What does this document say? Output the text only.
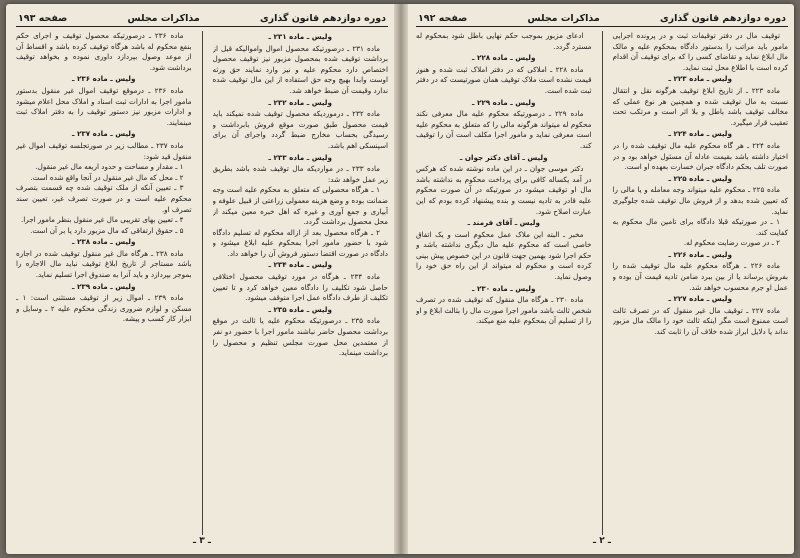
دوره دوازدهم قانون گذاری
مذاکرات مجلس
صفحه ۱۹۳

ولیس ـ ماده ۲۳۱ ـ

ماده ۲۳۱ ـ درصورتیکه محصول اموال واموالیکه قبل از برداشت توقیف شده بمحصول مزبور نیز توقیف محصول اختصاص دارد محکوم علیه و نیز وارد نمایند حق ورثه اوست وابدا بهیچ وجه حق استفاده از این مال توقیف شده ندارد وقیمت آن ضبط خواهد شد.

ولیس ـ ماده ۲۳۲ ـ

ماده ۲۳۲ ـ درموردیکه محصول توقیف شده نمیکند باید قیمت محصول طبق صورت موقع فروش بابرداشت و رسیدگی بحساب مخارج ضبط گردد واجرای آن برای اسپنسکی اهم باشد.

ولیس ـ ماده ۲۳۳ ـ

ماده ۲۳۳ ـ در مواردیکه مال توقیف شده باشد بطریق زیر عمل خواهد شد:

۱ ـ هرگاه محصولی که متعلق به محکوم علیه است وجه ضمانت بوده و وضع هزینه معمولی زراعتی از قبیل علوفه و آبیاری و جمع آوری و غیره که اهل خبره معین میکند از محل محصول برداشت گردد.

۲ ـ هرگاه محصول بعد از ازاله محکوم له تسلیم دادگاه شود با حضور مامور اجرا بمحکوم علیه ابلاغ میشود و دادگاه در صورت اقتضا دستور فروش آن را خواهد داد.

ولیس ـ ماده ۲۳۴ ـ

ماده ۲۳۴ ـ هرگاه در مورد توقیف محصول اختلافی حاصل شود تکلیف را دادگاه معین خواهد کرد و تا تعیین تکلیف از طرف دادگاه عمل اجرا متوقف میشود.

ولیس ـ ماده ۲۳۵ ـ

ماده ۲۳۵ ـ درصورتیکه محکوم علیه یا ثالث در موقع برداشت محصول حاضر نباشند مامور اجرا با حضور دو نفر از معتمدین محل صورت مجلس تنظیم و محصول را برداشت مینماید.

ماده ۲۳۶ ـ درصورتیکه محصول توقیف و اجرای حکم بنفع محکوم له باشد هرگاه توقیف کرده باشد و اقساط آن از موعد وصول بپردازد داوری نموده و بخواهد توقیف برداشت شود.

ولیس ـ ماده ۲۳۶ ـ

ماده ۲۳۶ ـ درموقع توقیف اموال غیر منقول بدستور مامور اجرا به ادارات ثبت اسناد و املاک محل اعلام میشود و ادارات مزبور نیز دستور توقیف را به دفتر املاک ثبت مینمایند.

ولیس ـ ماده ۲۳۷ ـ

ماده ۲۳۷ ـ مطالب زیر در صورتجلسه توقیف اموال غیر منقول قید شود:

۱ ـ مقدار و مساحت و حدود اربعه مال غیر منقول.

۲ ـ محل که مال غیر منقول در آنجا واقع شده است.

۳ ـ تعیین آنکه از ملک توقیف شده چه قسمت بتصرف محکوم علیه است و در صورت تصرف غیر، تعیین سند تصرف او.

۴ ـ تعیین بهای تقریبی مال غیر منقول بنظر مامور اجرا.

۵ ـ حقوق ارتفاقی که مال مزبور دارد یا بر آن است.

ولیس ـ ماده ۲۳۸ ـ

ماده ۲۳۸ ـ هرگاه مال غیر منقول توقیف شده در اجاره باشد مستاجر از تاریخ ابلاغ توقیف نباید مال الاجاره را بموجر بپردازد و باید آنرا به صندوق اجرا تسلیم نماید.

ولیس ـ ماده ۲۳۹ ـ

ماده ۲۳۹ ـ اموال زیر از توقیف مستثنی است: ۱ ـ مسکن و لوازم ضروری زندگی محکوم علیه ۲ ـ وسایل و ابزار کار کسب و پیشه.

ـ ۳ ـ
دوره دوازدهم قانون گذاری
مذاکرات مجلس
صفحه ۱۹۲

توقیف مال در دفتر توقیفات ثبت و در پرونده اجرایی مامور باید مراتب را بدستور دادگاه بمحکوم علیه و مالک مال ابلاغ نماید و تقاضای کسی را که برای توقیف آن اقدام کرده است با اطلاع محل ثبت نماید.

ولیس ـ ماده ۲۲۳ ـ

ماده ۲۲۳ ـ از تاریخ ابلاغ توقیف هرگونه نقل و انتقال نسبت به مال توقیف شده و همچنین هر نوع عملی که مخالف توقیف باشد باطل و بلا اثر است و مرتکب تحت تعقیب قرار میگیرد.

ولیس ـ ماده ۲۲۴ ـ

ماده ۲۲۴ ـ هر گاه محکوم علیه مال توقیف شده را در اختیار داشته باشد بقیمت عادله آن مسئول خواهد بود و در صورت تلف بحکم دادگاه جبران خسارت بعهده او است.

ولیس ـ ماده ۲۲۵ ـ

ماده ۲۲۵ ـ محکوم علیه میتواند وجه معامله و یا مالی را که تعیین شده بدهد و از فروش مال توقیف شده جلوگیری نماید.

۱ ـ در صورتیکه قبلا دادگاه برای تامین مال محکوم به کفایت کند.

۲ ـ در صورت رضایت محکوم له.

ولیس ـ ماده ۲۲۶ ـ

ماده ۲۲۶ ـ هرگاه محکوم علیه مال توقیف شده را بفروش برساند یا از بین ببرد ضامن تادیه قیمت آن بوده و عمل او جرم محسوب خواهد شد.

ولیس ـ ماده ۲۲۷ ـ

ماده ۲۲۷ ـ توقیف مال غیر منقول که در تصرف ثالث است ممنوع است مگر اینکه ثالث خود را مالک مال مزبور نداند یا دلایل ابراز شده خلاف آن را ثابت کند.

ادعای مزبور بموجب حکم نهایی باطل شود بمحکوم له مسترد گردد.

ولیس ـ ماده ۲۲۸ ـ

ماده ۲۲۸ ـ املاکی که در دفتر املاک ثبت شده و هنوز قیمت نشده است ملاک توقیف همان صورتیست که در دفتر ثبت شده است.

ولیس ـ ماده ۲۲۹ ـ

ماده ۲۲۹ ـ درصورتیکه محکوم علیه مال معرفی نکند محکوم له میتواند هرگونه مالی را که متعلق به محکوم علیه است معرفی نماید و مامور اجرا مکلف است آن را توقیف کند.

ولیس ـ آقای دکتر جوان ـ

دکتر موسی جوان ـ در این ماده نوشته شده که هرکس در آمد یکساله کافی برای پرداخت محکوم به نداشته باشد مال او توقیف میشود در صورتیکه در آن صورت محکوم علیه قادر به تادیه نیست و بنده پیشنهاد کرده بودم که این عبارت اصلاح شود.

ولیس ـ آقای فرمند ـ

مخبر ـ البته این ملاک عمل محکوم است و یک اتفاق خاصی است که محکوم علیه مال دیگری نداشته باشد و حکم اجرا شود بهمین جهت قانون در این خصوص پیش بینی کرده است و محکوم له میتواند از این راه حق خود را وصول نماید.

ولیس ـ ماده ۲۳۰ ـ

ماده ۲۳۰ ـ هرگاه مال منقول که توقیف شده در تصرف شخص ثالث باشد مامور اجرا صورت مال را بثالث ابلاغ و او را از تسلیم آن بمحکوم علیه منع میکند.

ـ ۲ ـ
